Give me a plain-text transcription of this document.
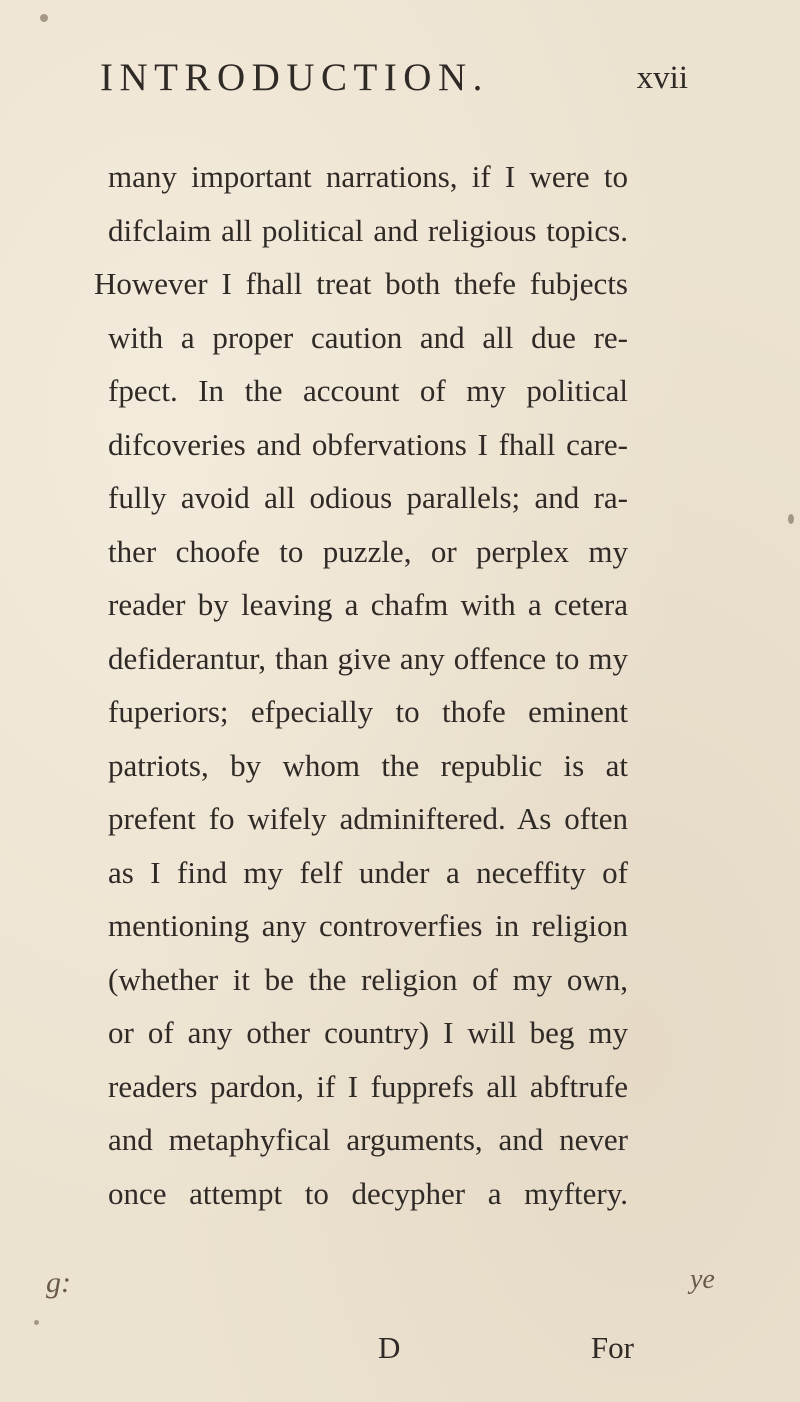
INTRODUCTION.	xvii
many important narrations, if I were to
difclaim all political and religious topics.
However I fhall treat both thefe fubjects
with a proper caution and all due re-
fpect. In the account of my political
difcoveries and obfervations I fhall care-
fully avoid all odious parallels; and ra-
ther choofe to puzzle, or perplex my
reader by leaving a chafm with a cetera
defiderantur, than give any offence to my
fuperiors; efpecially to thofe eminent
patriots, by whom the republic is at
prefent fo wifely adminiftered. As often
as I find my felf under a neceffity of
mentioning any controverfies in religion
(whether it be the religion of my own,
or of any other country) I will beg my
readers pardon, if I fupprefs all abftrufe
and metaphyfical arguments, and never
once attempt to decypher a myftery.
D	For
g:	ye
